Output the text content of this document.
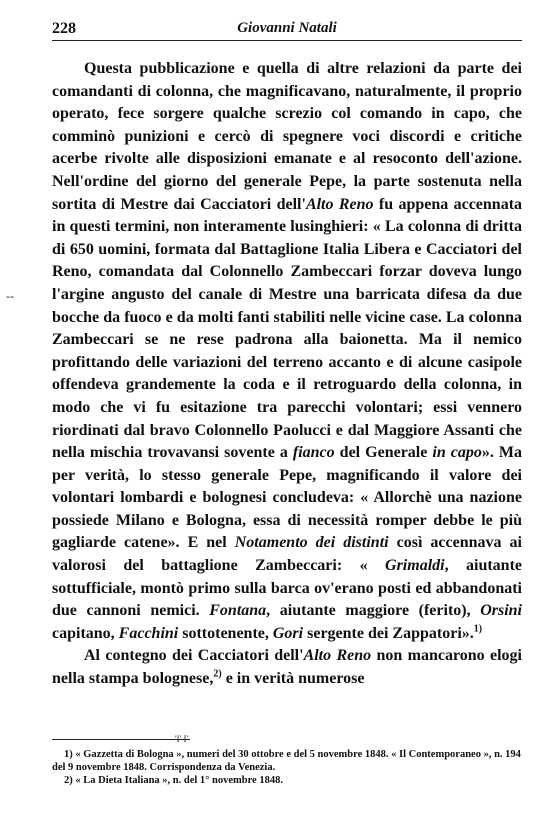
--
228	Giovanni Natali

Questa pubblicazione e quella di altre relazioni da parte dei comandanti di colonna, che magnificavano, naturalmente, il proprio operato, fece sorgere qualche screzio col comando in capo, che comminò punizioni e cercò di spegnere voci discordi e critiche acerbe rivolte alle disposizioni emanate e al resoconto dell'azione. Nell'ordine del giorno del generale Pepe, la parte sostenuta nella sortita di Mestre dai Cacciatori dell'Alto Reno fu appena accennata in questi termini, non interamente lusinghieri: « La colonna di dritta di 650 uomini, formata dal Battaglione Italia Libera e Cacciatori del Reno, comandata dal Colonnello Zambeccari forzar doveva lungo l'argine angusto del canale di Mestre una barricata difesa da due bocche da fuoco e da molti fanti stabiliti nelle vicine case. La colonna Zambeccari se ne rese padrona alla baionetta. Ma il nemico profittando delle variazioni del terreno accanto e di alcune casipole offendeva grandemente la coda e il retroguardo della colonna, in modo che vi fu esitazione tra parecchi volontari; essi vennero riordinati dal bravo Colonnello Paolucci e dal Maggiore Assanti che nella mischia trovavansi sovente a fianco del Generale in capo». Ma per verità, lo stesso generale Pepe, magnificando il valore dei volontari lombardi e bolognesi concludeva: « Allorchè una nazione possiede Milano e Bologna, essa di necessità romper debbe le più gagliarde catene». E nel Notamento dei distinti così accennava ai valorosi del battaglione Zambeccari: « Grimaldi, aiutante sottufficiale, montò primo sulla barca ov'erano posti ed abbandonati due cannoni nemici. Fontana, aiutante maggiore (ferito), Orsini capitano, Facchini sottotenente, Gori sergente dei Zappatori».$^{1)}$

Al contegno dei Cacciatori dell'Alto Reno non mancarono elogi nella stampa bolognese,$^{2)}$ e in verità numerose

1) « Gazzetta di Bologna », numeri del 30 ottobre e del 5 novembre 1848. « Il Contemporaneo », n. 194 del 9 novembre 1848. Corrispondenza da Venezia.

2) « La Dieta Italiana », n. del 1° novembre 1848.

'I' I'
